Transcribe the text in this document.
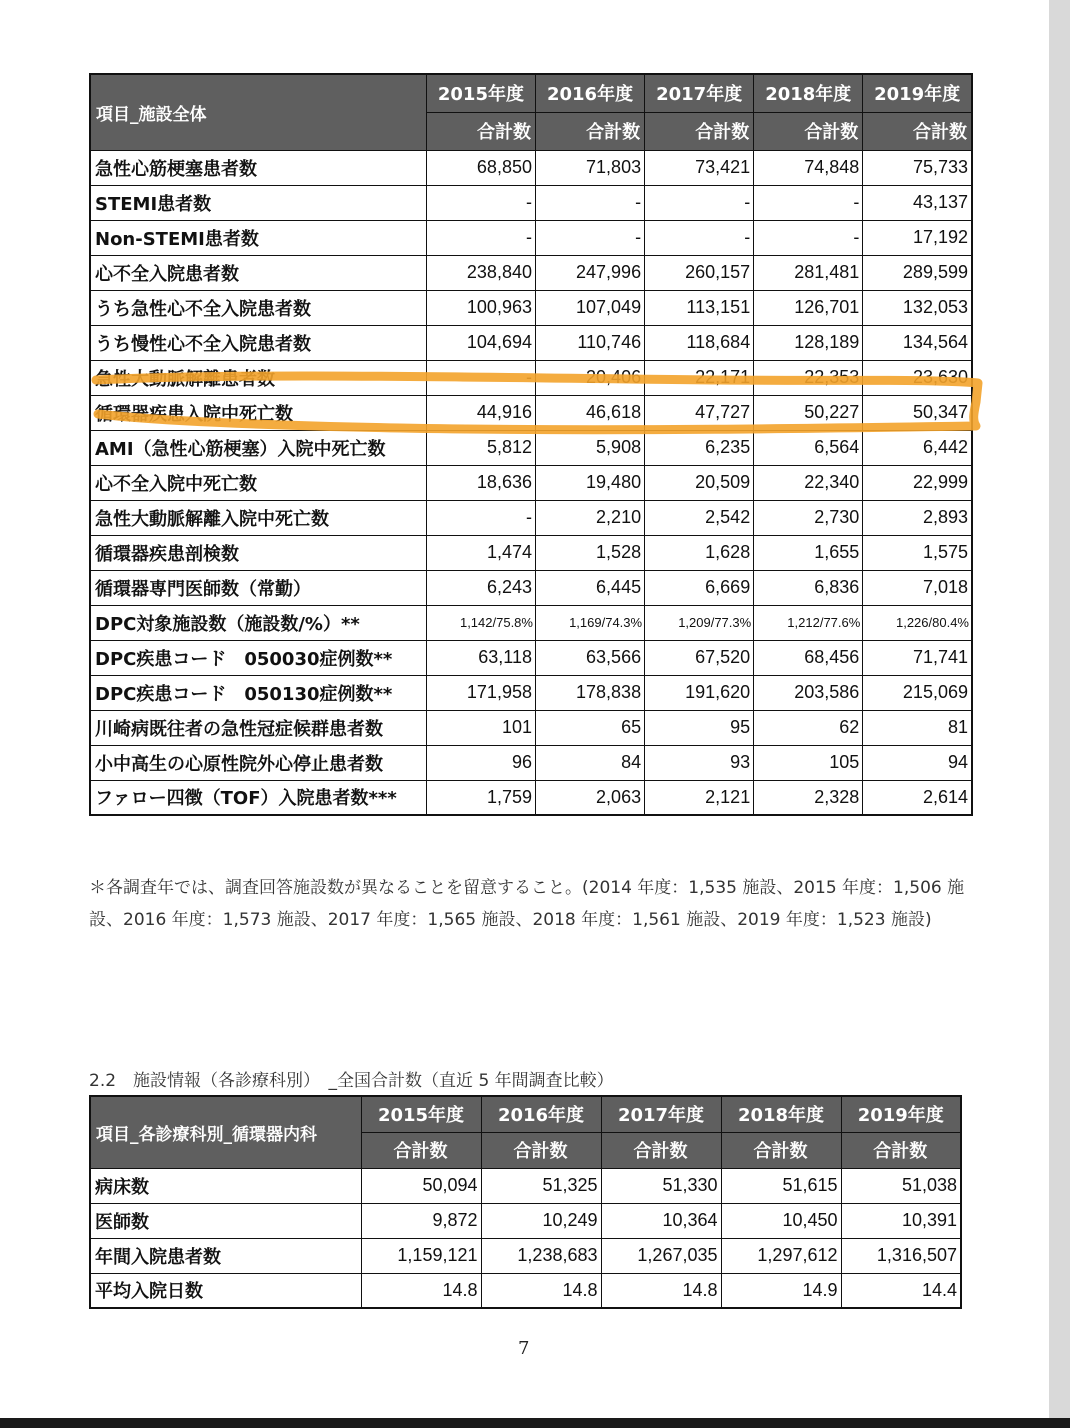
項目_施設全体	2015年度	2016年度	2017年度	2018年度	2019年度
	合計数	合計数	合計数	合計数	合計数
急性心筋梗塞患者数	68,850	71,803	73,421	74,848	75,733
STEMI患者数	-	-	-	-	43,137
Non-STEMI患者数	-	-	-	-	17,192
心不全入院患者数	238,840	247,996	260,157	281,481	289,599
うち急性心不全入院患者数	100,963	107,049	113,151	126,701	132,053
うち慢性心不全入院患者数	104,694	110,746	118,684	128,189	134,564
急性大動脈解離患者数	-	20,406	22,171	22,353	23,630
循環器疾患入院中死亡数	44,916	46,618	47,727	50,227	50,347
AMI（急性心筋梗塞）入院中死亡数	5,812	5,908	6,235	6,564	6,442
心不全入院中死亡数	18,636	19,480	20,509	22,340	22,999
急性大動脈解離入院中死亡数	-	2,210	2,542	2,730	2,893
循環器疾患剖検数	1,474	1,528	1,628	1,655	1,575
循環器専門医師数（常勤）	6,243	6,445	6,669	6,836	7,018
DPC対象施設数（施設数/%）**	1,142/75.8%	1,169/74.3%	1,209/77.3%	1,212/77.6%	1,226/80.4%
DPC疾患コード　050030症例数**	63,118	63,566	67,520	68,456	71,741
DPC疾患コード　050130症例数**	171,958	178,838	191,620	203,586	215,069
川崎病既往者の急性冠症候群患者数	101	65	95	62	81
小中高生の心原性院外心停止患者数	96	84	93	105	94
ファロー四徴（TOF）入院患者数***	1,759	2,063	2,121	2,328	2,614
＊各調査年では、調査回答施設数が異なることを留意すること。(2014 年度：1,535 施設、2015 年度：1,506 施設、2016 年度：1,573 施設、2017 年度：1,565 施設、2018 年度：1,561 施設、2019 年度：1,523 施設)
2.2　施設情報（各診療科別）　_全国合計数（直近 5 年間調査比較）
項目_各診療科別_循環器内科	2015年度	2016年度	2017年度	2018年度	2019年度
	合計数	合計数	合計数	合計数	合計数
病床数	50,094	51,325	51,330	51,615	51,038
医師数	9,872	10,249	10,364	10,450	10,391
年間入院患者数	1,159,121	1,238,683	1,267,035	1,297,612	1,316,507
平均入院日数	14.8	14.8	14.8	14.9	14.4
7
